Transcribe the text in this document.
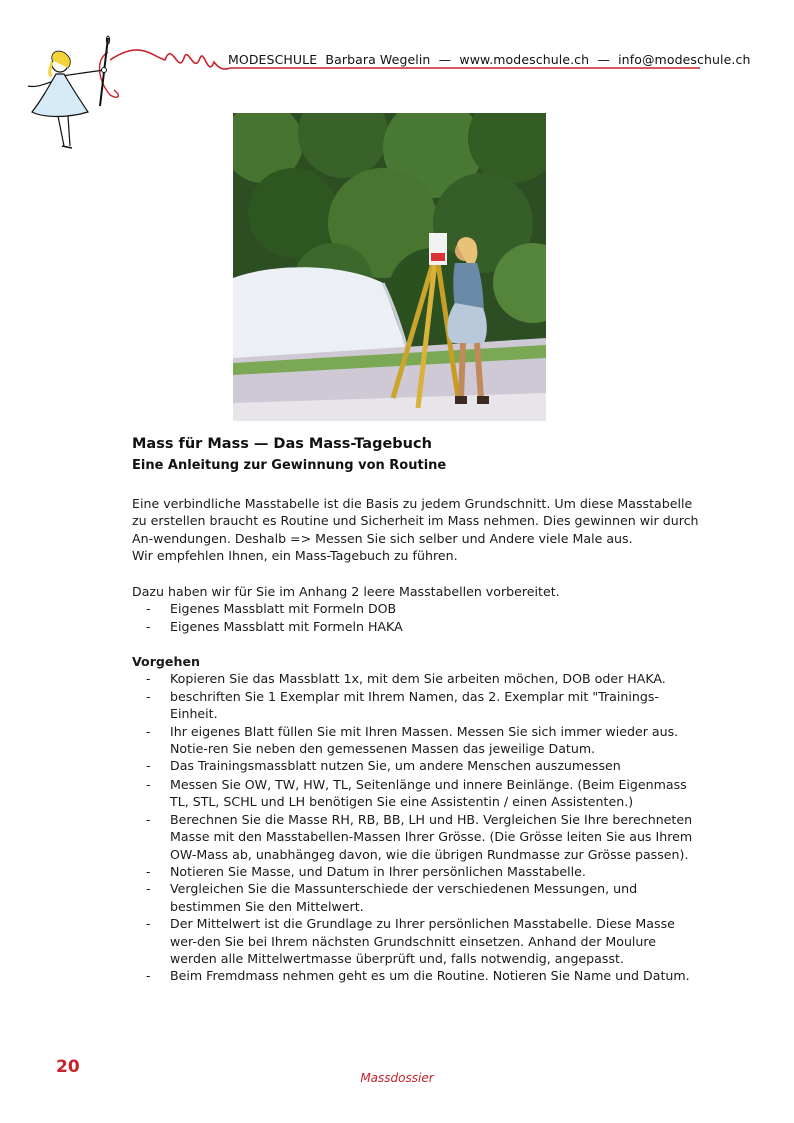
MODESCHULE Barbara Wegelin — www.modeschule.ch — info@modeschule.ch
Mass für Mass — Das Mass-Tagebuch
Eine Anleitung zur Gewinnung von Routine

Eine verbindliche Masstabelle ist die Basis zu jedem Grundschnitt. Um diese Masstabelle zu erstellen braucht es Routine und Sicherheit im Mass nehmen. Dies gewinnen wir durch An-wendungen. Deshalb => Messen Sie sich selber und Andere viele Male aus.

Wir empfehlen Ihnen, ein Mass-Tagebuch zu führen.

Dazu haben wir für Sie im Anhang 2 leere Masstabellen vorbereitet.

- Eigenes Massblatt mit Formeln DOB
- Eigenes Massblatt mit Formeln HAKA

Vorgehen

- Kopieren Sie das Massblatt 1x, mit dem Sie arbeiten möchen, DOB oder HAKA.
- beschriften Sie 1 Exemplar mit Ihrem Namen, das 2. Exemplar mit "Trainings-Einheit.
- Ihr eigenes Blatt füllen Sie mit Ihren Massen. Messen Sie sich immer wieder aus. Notie-ren Sie neben den gemessenen Massen das jeweilige Datum.
- Das Trainingsmassblatt nutzen Sie, um andere Menschen auszumessen
- Messen Sie OW, TW, HW, TL, Seitenlänge und innere Beinlänge. (Beim Eigenmass TL, STL, SCHL und LH benötigen Sie eine Assistentin / einen Assistenten.)
- Berechnen Sie die Masse RH, RB, BB, LH und HB. Vergleichen Sie Ihre berechneten Masse mit den Masstabellen-Massen Ihrer Grösse. (Die Grösse leiten Sie aus Ihrem OW-Mass ab, unabhängeg davon, wie die übrigen Rundmasse zur Grösse passen).
- Notieren Sie Masse, und Datum in Ihrer persönlichen Masstabelle.
- Vergleichen Sie die Massunterschiede der verschiedenen Messungen, und bestimmen Sie den Mittelwert.
- Der Mittelwert ist die Grundlage zu Ihrer persönlichen Masstabelle. Diese Masse wer-den Sie bei Ihrem nächsten Grundschnitt einsetzen. Anhand der Moulure werden alle Mittelwertmasse überprüft und, falls notwendig, angepasst.
- Beim Fremdmass nehmen geht es um die Routine. Notieren Sie Name und Datum.
20
Massdossier
